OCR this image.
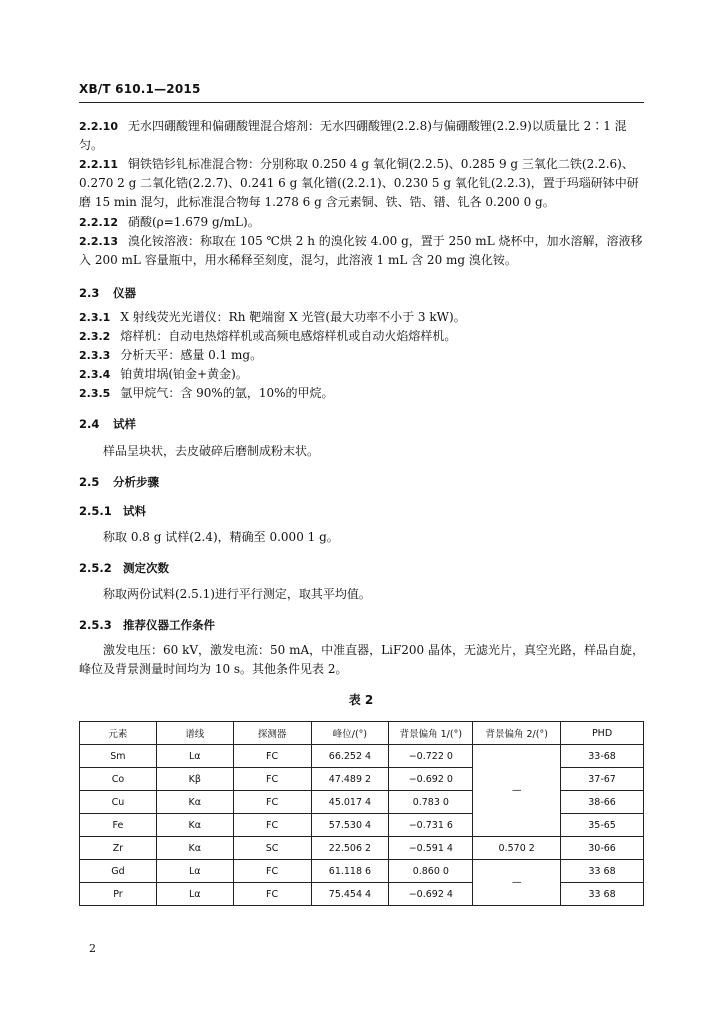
XB/T 610.1—2015
2.2.10 无水四硼酸锂和偏硼酸锂混合熔剂：无水四硼酸锂(2.2.8)与偏硼酸锂(2.2.9)以质量比 2∶1 混匀。
2.2.11 铜铁锆钐钆标准混合物：分别称取 0.250 4 g 氧化铜(2.2.5)、0.285 9 g 三氧化二铁(2.2.6)、0.270 2 g 二氧化锆(2.2.7)、0.241 6 g 氧化镨((2.2.1)、0.230 5 g 氧化钆(2.2.3)，置于玛瑙研钵中研磨 15 min 混匀，此标准混合物每 1.278 6 g 含元素铜、铁、锆、镨、钆各 0.200 0 g。
2.2.12 硝酸(ρ=1.679 g/mL)。
2.2.13 溴化铵溶液：称取在 105 ℃烘 2 h 的溴化铵 4.00 g，置于 250 mL 烧杯中，加水溶解，溶液移入 200 mL 容量瓶中，用水稀释至刻度，混匀，此溶液 1 mL 含 20 mg 溴化铵。
2.3 仪器
2.3.1 X 射线荧光光谱仪：Rh 靶端窗 X 光管(最大功率不小于 3 kW)。
2.3.2 熔样机：自动电热熔样机或高频电感熔样机或自动火焰熔样机。
2.3.3 分析天平：感量 0.1 mg。
2.3.4 铂黄坩埚(铂金+黄金)。
2.3.5 氩甲烷气：含 90%的氩，10%的甲烷。
2.4 试样
样品呈块状，去皮破碎后磨制成粉末状。
2.5 分析步骤
2.5.1 试料
称取 0.8 g 试样(2.4)，精确至 0.000 1 g。
2.5.2 测定次数
称取两份试料(2.5.1)进行平行测定，取其平均值。
2.5.3 推荐仪器工作条件
激发电压：60 kV，激发电流：50 mA，中准直器，LiF200 晶体，无滤光片，真空光路，样品自旋，峰位及背景测量时间均为 10 s。其他条件见表 2。
表 2
元素	谱线	探测器	峰位/(°)	背景偏角 1/(°)	背景偏角 2/(°)	PHD
Sm	Lα	FC	66.252 4	−0.722 0	—	33-68
Co	Kβ	FC	47.489 2	−0.692 0		37-67
Cu	Kα	FC	45.017 4	0.783 0		38-66
Fe	Kα	FC	57.530 4	−0.731 6		35-65
Zr	Kα	SC	22.506 2	−0.591 4	0.570 2	30-66
Gd	Lα	FC	61.118 6	0.860 0	—	33 68
Pr	Lα	FC	75.454 4	−0.692 4		33 68
2
